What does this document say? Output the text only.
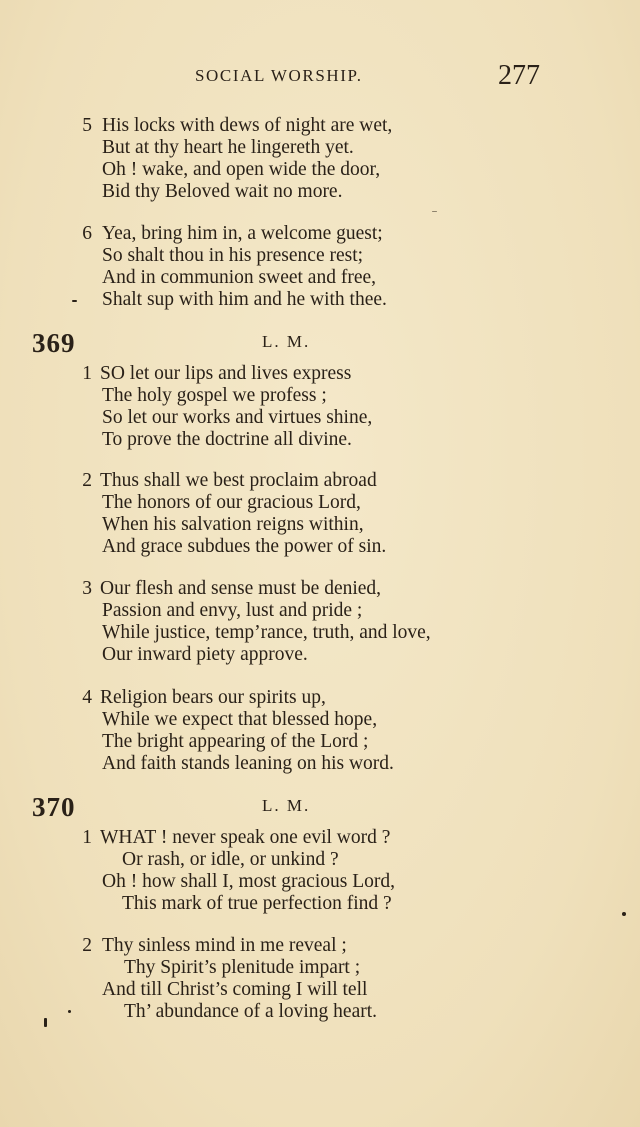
SOCIAL WORSHIP.	277
5 His locks with dews of night are wet,
But at thy heart he lingereth yet.
Oh ! wake, and open wide the door,
Bid thy Beloved wait no more.
6 Yea, bring him in, a welcome guest;
So shalt thou in his presence rest;
And in communion sweet and free,
Shalt sup with him and he with thee.
369	L. M.
1 SO let our lips and lives express
The holy gospel we profess ;
So let our works and virtues shine,
To prove the doctrine all divine.
2 Thus shall we best proclaim abroad
The honors of our gracious Lord,
When his salvation reigns within,
And grace subdues the power of sin.
3 Our flesh and sense must be denied,
Passion and envy, lust and pride ;
While justice, temp’rance, truth, and love,
Our inward piety approve.
4 Religion bears our spirits up,
While we expect that blessed hope,
The bright appearing of the Lord ;
And faith stands leaning on his word.
370	L. M.
1 WHAT ! never speak one evil word ?
Or rash, or idle, or unkind ?
Oh ! how shall I, most gracious Lord,
This mark of true perfection find ?
2 Thy sinless mind in me reveal ;
Thy Spirit’s plenitude impart ;
And till Christ’s coming I will tell
Th’ abundance of a loving heart.
